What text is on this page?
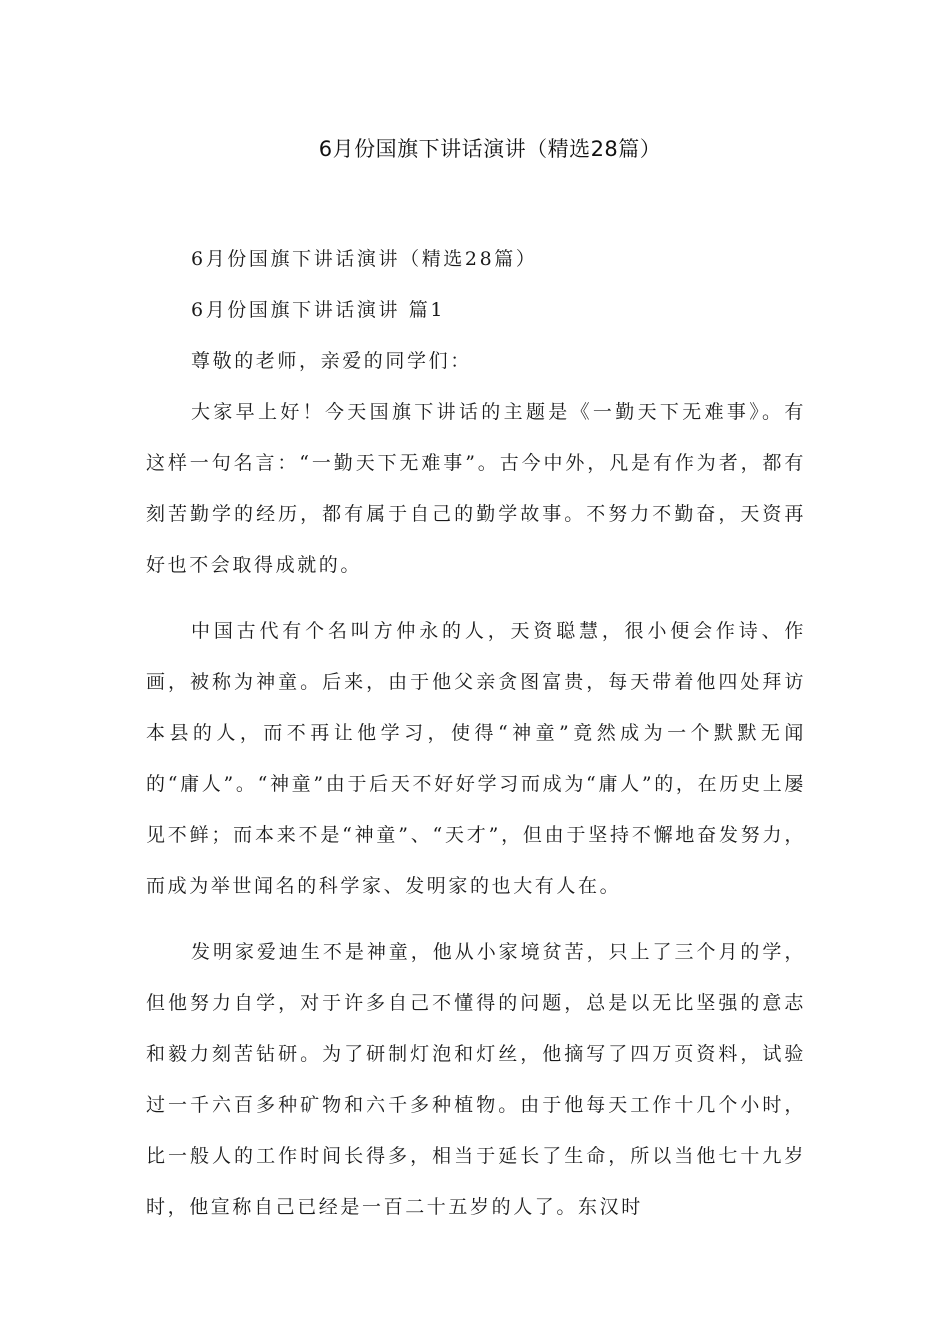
6月份国旗下讲话演讲（精选28篇）

6月份国旗下讲话演讲（精选28篇）

6月份国旗下讲话演讲 篇1

尊敬的老师，亲爱的同学们：

大家早上好！今天国旗下讲话的主题是《一勤天下无难事》。有这样一句名言：“一勤天下无难事”。古今中外，凡是有作为者，都有刻苦勤学的经历，都有属于自己的勤学故事。不努力不勤奋，天资再好也不会取得成就的。

中国古代有个名叫方仲永的人，天资聪慧，很小便会作诗、作画，被称为神童。后来，由于他父亲贪图富贵，每天带着他四处拜访本县的人，而不再让他学习，使得“神童”竟然成为一个默默无闻的“庸人”。“神童”由于后天不好好学习而成为“庸人”的，在历史上屡见不鲜；而本来不是“神童”、“天才”，但由于坚持不懈地奋发努力，而成为举世闻名的科学家、发明家的也大有人在。

发明家爱迪生不是神童，他从小家境贫苦，只上了三个月的学，但他努力自学，对于许多自己不懂得的问题，总是以无比坚强的意志和毅力刻苦钻研。为了研制灯泡和灯丝，他摘写了四万页资料，试验过一千六百多种矿物和六千多种植物。由于他每天工作十几个小时，比一般人的工作时间长得多，相当于延长了生命，所以当他七十九岁时，他宣称自己已经是一百二十五岁的人了。东汉时
